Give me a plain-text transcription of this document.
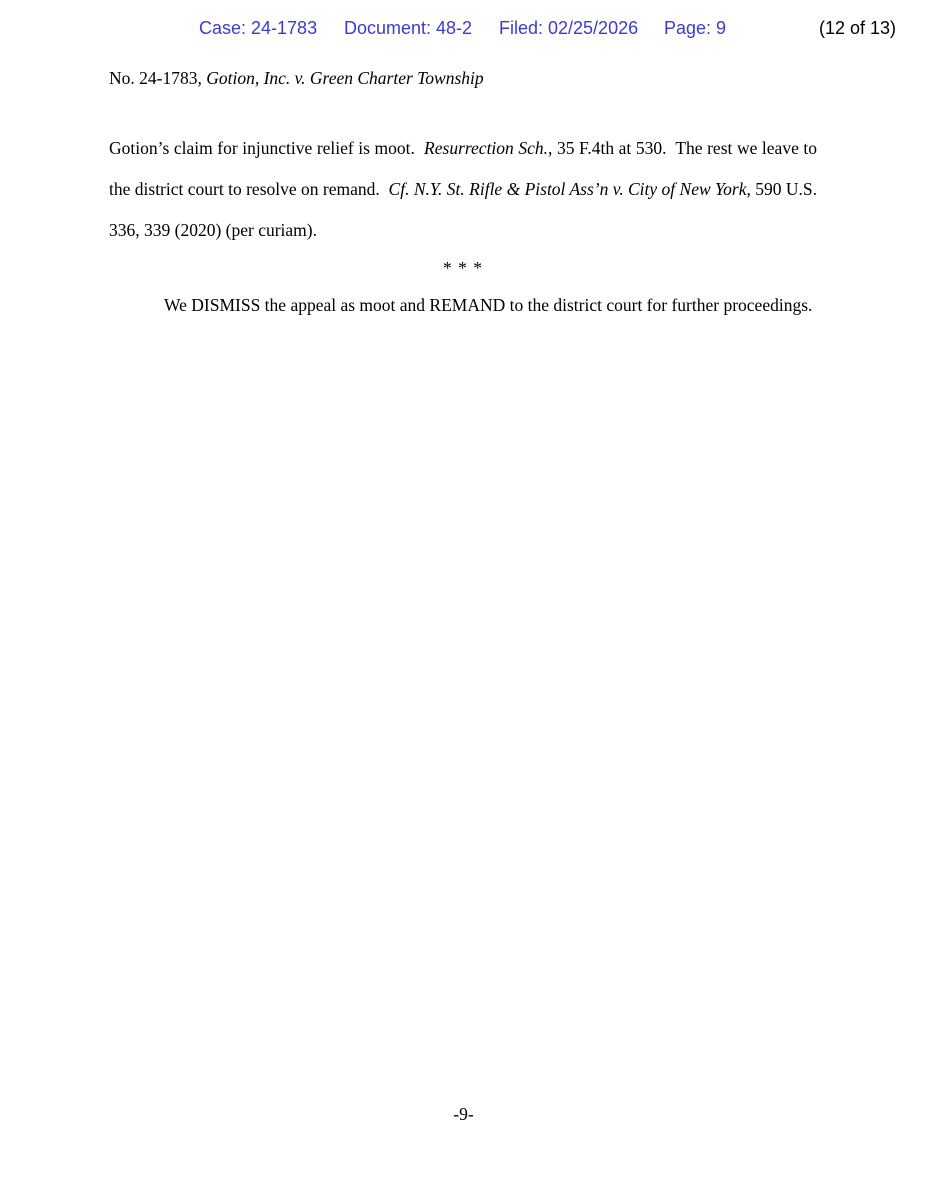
Case: 24-1783 Document: 48-2 Filed: 02/25/2026 Page: 9	(12 of 13)
No. 24-1783, Gotion, Inc. v. Green Charter Township

Gotion’s claim for injunctive relief is moot. Resurrection Sch., 35 F.4th at 530. The rest we leave to the district court to resolve on remand. Cf. N.Y. St. Rifle & Pistol Ass’n v. City of New York, 590 U.S. 336, 339 (2020) (per curiam).

* * *

We DISMISS the appeal as moot and REMAND to the district court for further proceedings.

-9-
